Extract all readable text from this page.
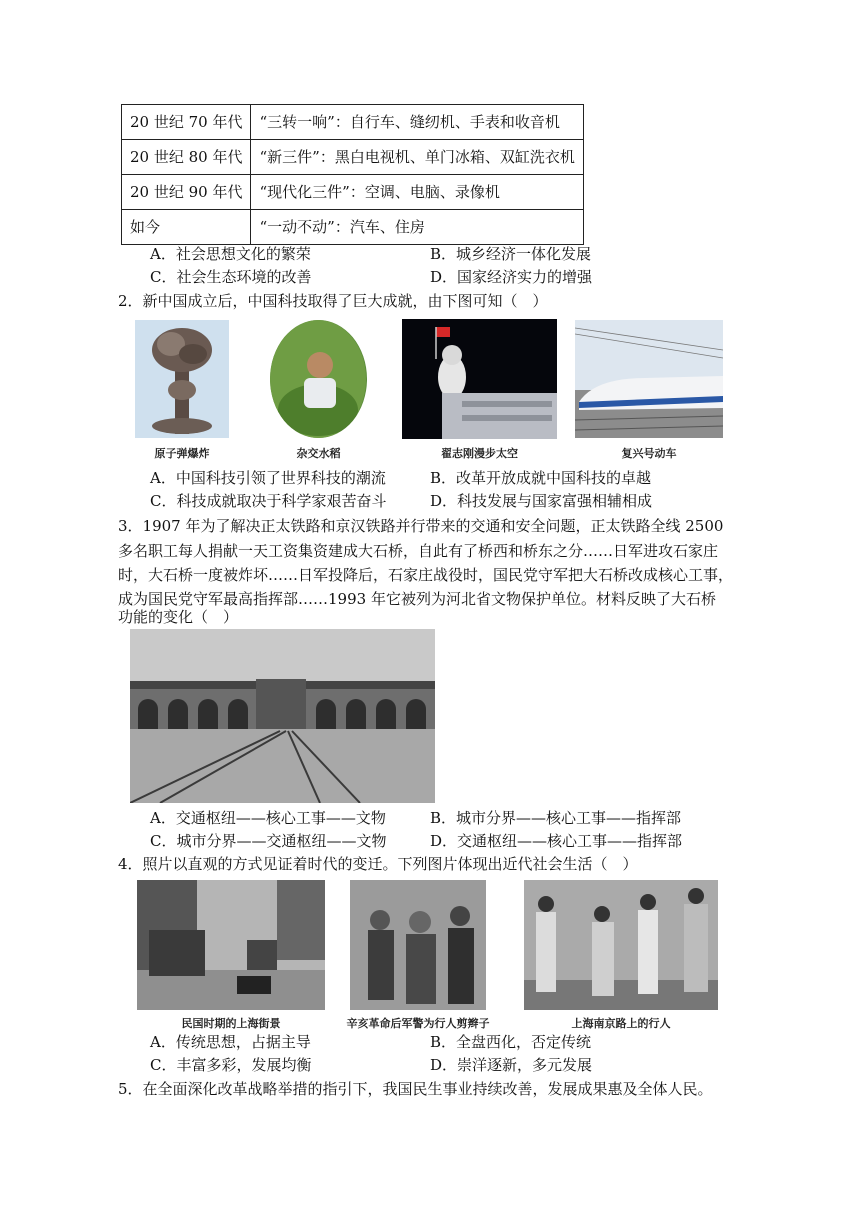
20 世纪 70 年代	“三转一响”：自行车、缝纫机、手表和收音机
20 世纪 80 年代	“新三件”：黑白电视机、单门冰箱、双缸洗衣机
20 世纪 90 年代	“现代化三件”：空调、电脑、录像机
如今	“一动不动”：汽车、住房
A．社会思想文化的繁荣	B．城乡经济一体化发展
C．社会生态环境的改善	D．国家经济实力的增强
2．新中国成立后，中国科技取得了巨大成就，由下图可知（　）
原子弹爆炸	杂交水稻	翟志刚漫步太空	复兴号动车
A．中国科技引领了世界科技的潮流	B．改革开放成就中国科技的卓越
C．科技成就取决于科学家艰苦奋斗	D．科技发展与国家富强相辅相成
3．1907 年为了解决正太铁路和京汉铁路并行带来的交通和安全问题，正太铁路全线 2500
多名职工每人捐献一天工资集资建成大石桥，自此有了桥西和桥东之分……日军进攻石家庄
时，大石桥一度被炸坏……日军投降后，石家庄战役时，国民党守军把大石桥改成核心工事，
成为国民党守军最高指挥部……1993 年它被列为河北省文物保护单位。材料反映了大石桥
功能的变化（　）
A．交通枢纽——核心工事——文物	B．城市分界——核心工事——指挥部
C．城市分界——交通枢纽——文物	D．交通枢纽——核心工事——指挥部
4．照片以直观的方式见证着时代的变迁。下列图片体现出近代社会生活（　）
民国时期的上海街景	辛亥革命后军警为行人剪辫子	上海南京路上的行人
A．传统思想，占据主导	B．全盘西化，否定传统
C．丰富多彩，发展均衡	D．崇洋逐新，多元发展
5．在全面深化改革战略举措的指引下，我国民生事业持续改善，发展成果惠及全体人民。
